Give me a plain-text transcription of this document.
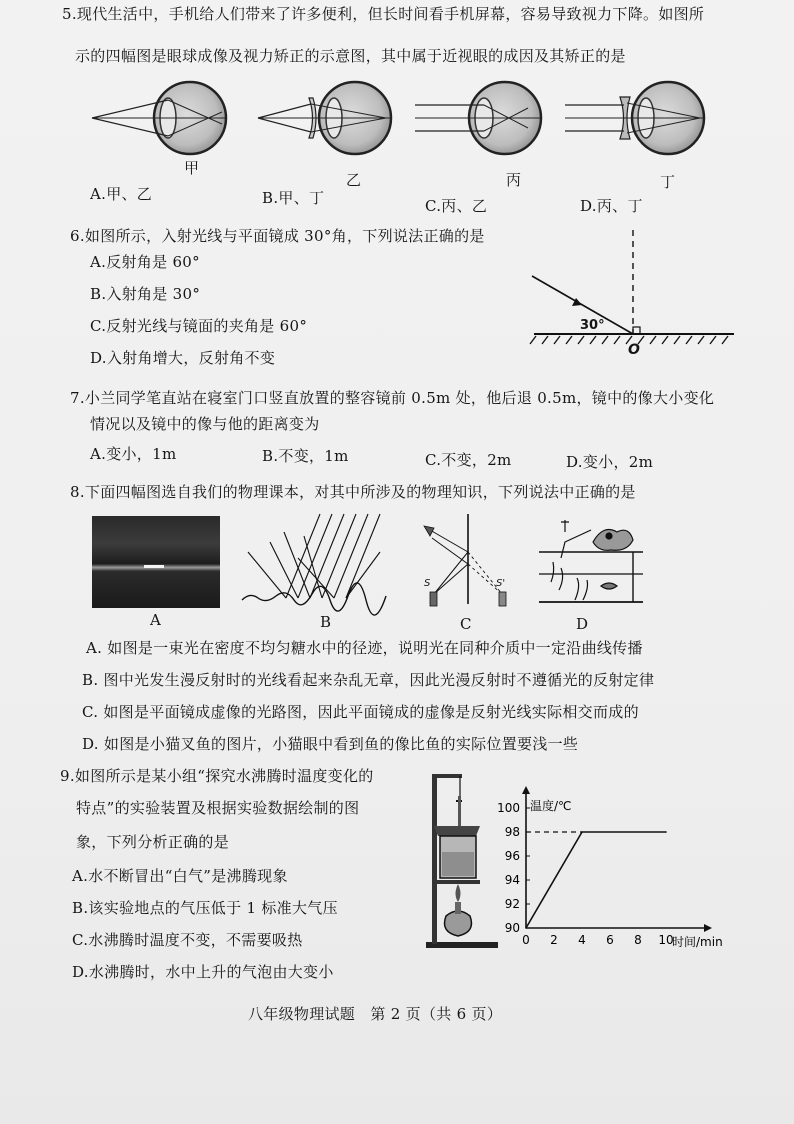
5.现代生活中，手机给人们带来了许多便利，但长时间看手机屏幕，容易导致视力下降。如图所
示的四幅图是眼球成像及视力矫正的示意图，其中属于近视眼的成因及其矫正的是
甲
乙	丙	丁
A.甲、乙	B.甲、丁	C.丙、乙	D.丙、丁
6.如图所示，入射光线与平面镜成 30°角，下列说法正确的是
A.反射角是 60°
B.入射角是 30°
C.反射光线与镜面的夹角是 60°
D.入射角增大，反射角不变
30°
O
7.小兰同学笔直站在寝室门口竖直放置的整容镜前 0.5m 处，他后退 0.5m，镜中的像大小变化
情况以及镜中的像与他的距离变为
A.变小，1m	B.不变，1m	C.不变，2m	D.变小，2m
8.下面四幅图选自我们的物理课本，对其中所涉及的物理知识，下列说法中正确的是
S	S'
A	B	C	D
A. 如图是一束光在密度不均匀糖水中的径迹，说明光在同种介质中一定沿曲线传播
B. 图中光发生漫反射时的光线看起来杂乱无章，因此光漫反射时不遵循光的反射定律
C. 如图是平面镜成虚像的光路图，因此平面镜成的虚像是反射光线实际相交而成的
D. 如图是小猫叉鱼的图片，小猫眼中看到鱼的像比鱼的实际位置要浅一些
9.如图所示是某小组“探究水沸腾时温度变化的
特点”的实验装置及根据实验数据绘制的图
象，下列分析正确的是
A.水不断冒出“白气”是沸腾现象
B.该实验地点的气压低于 1 标准大气压
C.水沸腾时温度不变，不需要吸热
D.水沸腾时，水中上升的气泡由大变小
0 2 4 6 8 10
90
92
94
96
98
100 温度/℃
时间/min
八年级物理试题　第 2 页（共 6 页）
